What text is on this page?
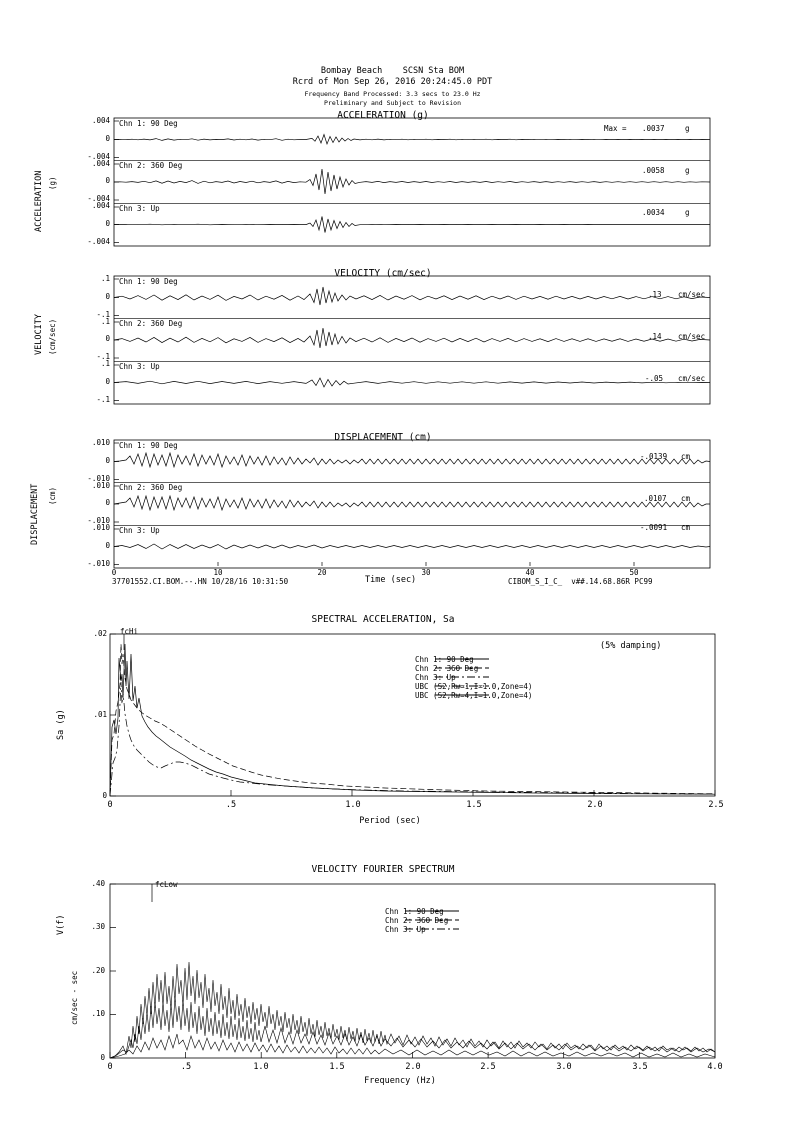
Bombay Beach    SCSN Sta BOM
Rcrd of Mon Sep 26, 2016 20:24:45.0 PDT
Frequency Band Processed: 3.3 secs to 23.0 Hz
Preliminary and Subject to Revision
ACCELERATION (g)
ACCELERATION (g)
.004
0
-.004
.004
0
-.004
.004
0
-.004
Chn 1: 90 Deg
Chn 2: 360 Deg
Chn 3: Up
Max = .0037	g
.0058	g
.0034	g
VELOCITY (cm/sec)
VELOCITY (cm/sec)
.1
0
-.1
.1
0
-.1
.1
0
-.1
Chn 1: 90 Deg
Chn 2: 360 Deg
Chn 3: Up
.13 cm/sec
.14 cm/sec
-.05 cm/sec
DISPLACEMENT (cm)
DISPLACEMENT (cm)
.010
0
-.010
.010
0
-.010
.010
0
-.010
Chn 1: 90 Deg
Chn 2: 360 Deg
Chn 3: Up
-.0139 cm
.0107 cm
-.0091 cm
0	10	20	30	40	50
37701552.CI.BOM.--.HN 10/28/16 10:31:50	Time (sec)	CIBOM_S_I_C_  v##.14.68.86R PC99
SPECTRAL ACCELERATION, Sa
Sa (g)
fcHi
(5% damping)
.02
.01
0
0	.5	1.0	1.5	2.0	2.5
Period (sec)
Chn 1: 90 Deg
Chn 2: 360 Deg
Chn 3: Up
UBC (S2,Rw=1,I=1.0,Zone=4)
UBC (S2,Rw=4,I=1.0,Zone=4)
VELOCITY FOURIER SPECTRUM
V(f)
cm/sec - sec
fcLow
.40
.30
.20
.10
0
0	.5	1.0	1.5	2.0	2.5	3.0	3.5	4.0
Frequency (Hz)
Chn 1: 90 Deg
Chn 2: 360 Deg
Chn 3: Up
